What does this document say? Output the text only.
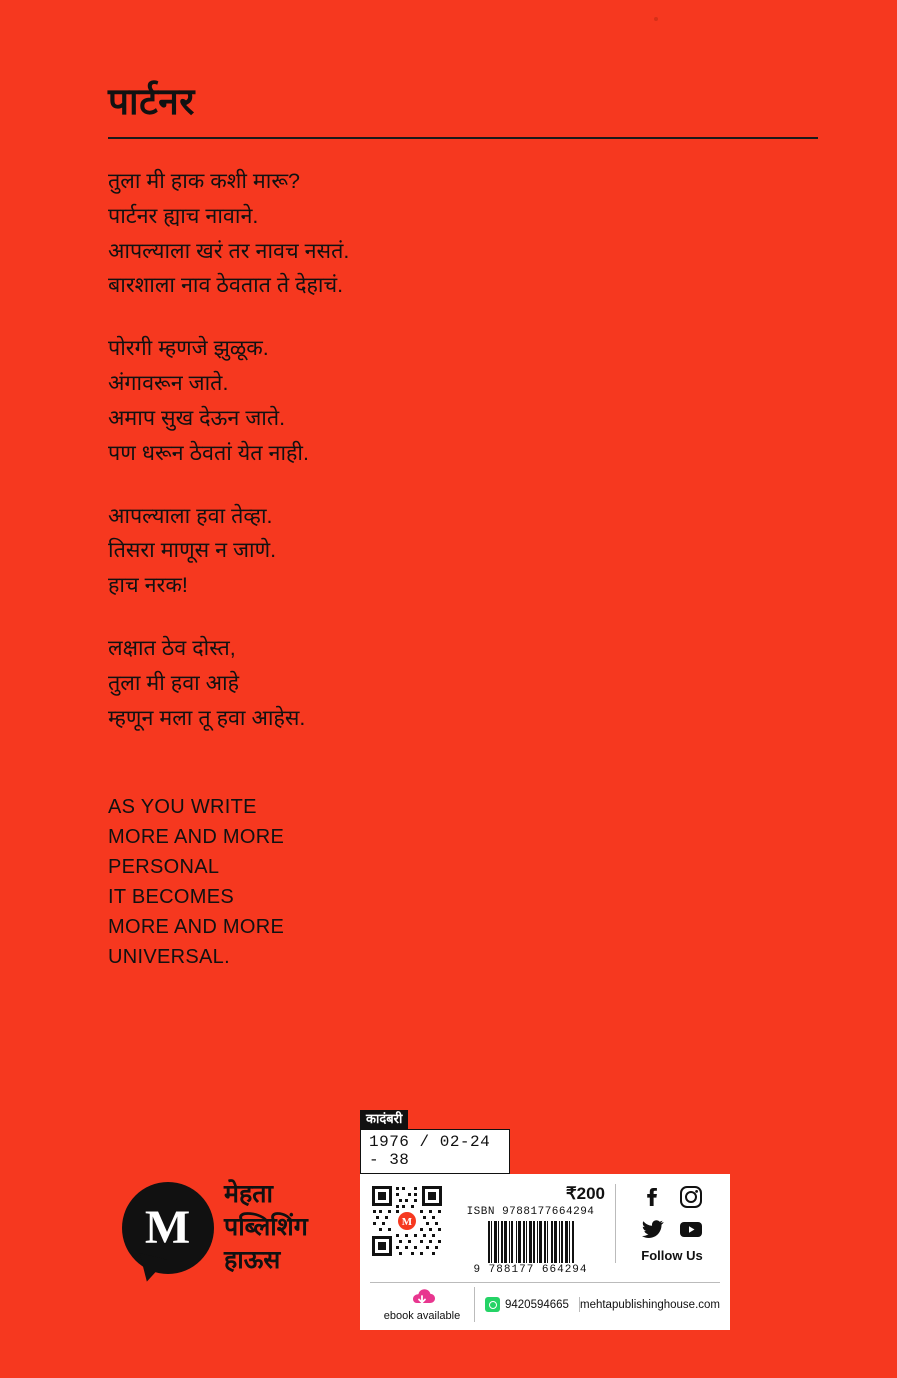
पार्टनर
तुला मी हाक कशी मारू?
पार्टनर ह्याच नावाने.
आपल्याला खरं तर नावच नसतं.
बारशाला नाव ठेवतात ते देहाचं.
पोरगी म्हणजे झुळूक.
अंगावरून जाते.
अमाप सुख देऊन जाते.
पण धरून ठेवतां येत नाही.
आपल्याला हवा तेव्हा.
तिसरा माणूस न जाणे.
हाच नरक!
लक्षात ठेव दोस्त,
तुला मी हवा आहे
म्हणून मला तू हवा आहेस.
AS YOU WRITE
MORE AND MORE
PERSONAL
IT BECOMES
MORE AND MORE
UNIVERSAL.
M
मेहता
पब्लिशिंग
हाऊस
कादंबरी
1976 / 02-24 - 38
M
₹200
ISBN 9788177664294
9 788177 664294
Follow Us
ebook available
9420594665 mehtapublishinghouse.com
